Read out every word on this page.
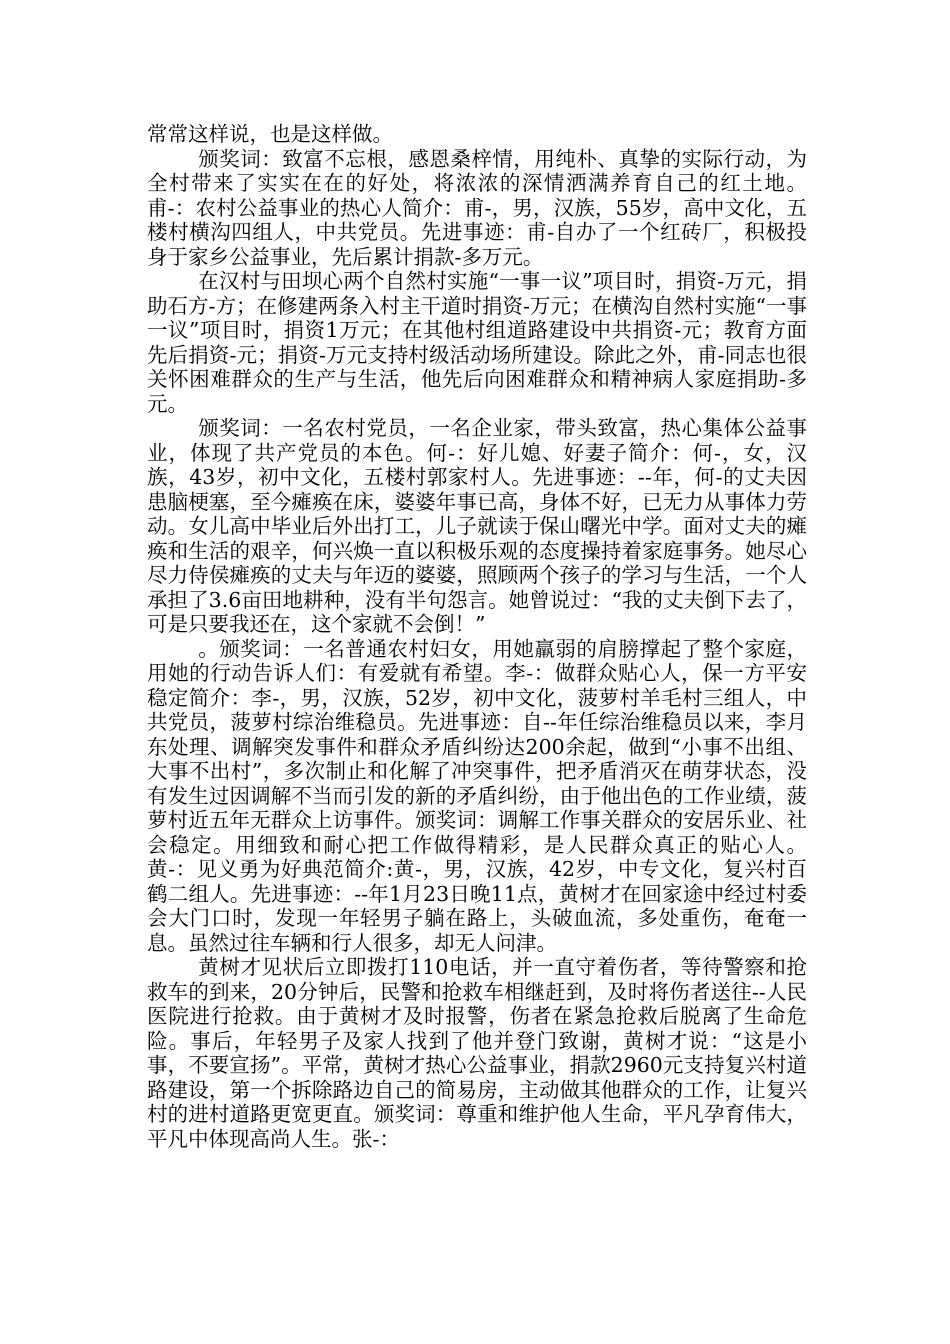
常常这样说，也是这样做。

颁奖词：致富不忘根，感恩桑梓情，用纯朴、真挚的实际行动，为全村带来了实实在在的好处，将浓浓的深情洒满养育自己的红土地。甫-：农村公益事业的热心人简介：甫-，男，汉族，55岁，高中文化，五楼村横沟四组人，中共党员。先进事迹：甫-自办了一个红砖厂，积极投身于家乡公益事业，先后累计捐款-多万元。

在汉村与田坝心两个自然村实施“一事一议”项目时，捐资-万元，捐助石方-方；在修建两条入村主干道时捐资-万元；在横沟自然村实施“一事一议”项目时，捐资1万元；在其他村组道路建设中共捐资-元；教育方面先后捐资-元；捐资-万元支持村级活动场所建设。除此之外，甫-同志也很关怀困难群众的生产与生活，他先后向困难群众和精神病人家庭捐助-多元。

颁奖词：一名农村党员，一名企业家，带头致富，热心集体公益事业，体现了共产党员的本色。何-：好儿媳、好妻子简介：何-，女，汉族，43岁，初中文化，五楼村郭家村人。先进事迹：--年，何-的丈夫因患脑梗塞，至今瘫痪在床，婆婆年事已高，身体不好，已无力从事体力劳动。女儿高中毕业后外出打工，儿子就读于保山曙光中学。面对丈夫的瘫痪和生活的艰辛，何兴焕一直以积极乐观的态度操持着家庭事务。她尽心尽力侍侯瘫痪的丈夫与年迈的婆婆，照顾两个孩子的学习与生活，一个人承担了3.6亩田地耕种，没有半句怨言。她曾说过：“我的丈夫倒下去了，可是只要我还在，这个家就不会倒！”

。颁奖词：一名普通农村妇女，用她羸弱的肩膀撑起了整个家庭，用她的行动告诉人们：有爱就有希望。李-：做群众贴心人，保一方平安稳定简介：李-，男，汉族，52岁，初中文化，菠萝村羊毛村三组人，中共党员，菠萝村综治维稳员。先进事迹：自--年任综治维稳员以来，李月东处理、调解突发事件和群众矛盾纠纷达200余起，做到“小事不出组、大事不出村”，多次制止和化解了冲突事件，把矛盾消灭在萌芽状态，没有发生过因调解不当而引发的新的矛盾纠纷，由于他出色的工作业绩，菠萝村近五年无群众上访事件。颁奖词：调解工作事关群众的安居乐业、社会稳定。用细致和耐心把工作做得精彩，是人民群众真正的贴心人。黄-：见义勇为好典范简介:黄-，男，汉族，42岁，中专文化，复兴村百鹤二组人。先进事迹：--年1月23日晚11点，黄树才在回家途中经过村委会大门口时，发现一年轻男子躺在路上，头破血流，多处重伤，奄奄一息。虽然过往车辆和行人很多，却无人问津。

黄树才见状后立即拨打110电话，并一直守着伤者，等待警察和抢救车的到来，20分钟后，民警和抢救车相继赶到，及时将伤者送往--人民医院进行抢救。由于黄树才及时报警，伤者在紧急抢救后脱离了生命危险。事后，年轻男子及家人找到了他并登门致谢，黄树才说：“这是小事，不要宣扬”。平常，黄树才热心公益事业，捐款2960元支持复兴村道路建设，第一个拆除路边自己的简易房，主动做其他群众的工作，让复兴村的进村道路更宽更直。颁奖词：尊重和维护他人生命，平凡孕育伟大，平凡中体现高尚人生。张-：
